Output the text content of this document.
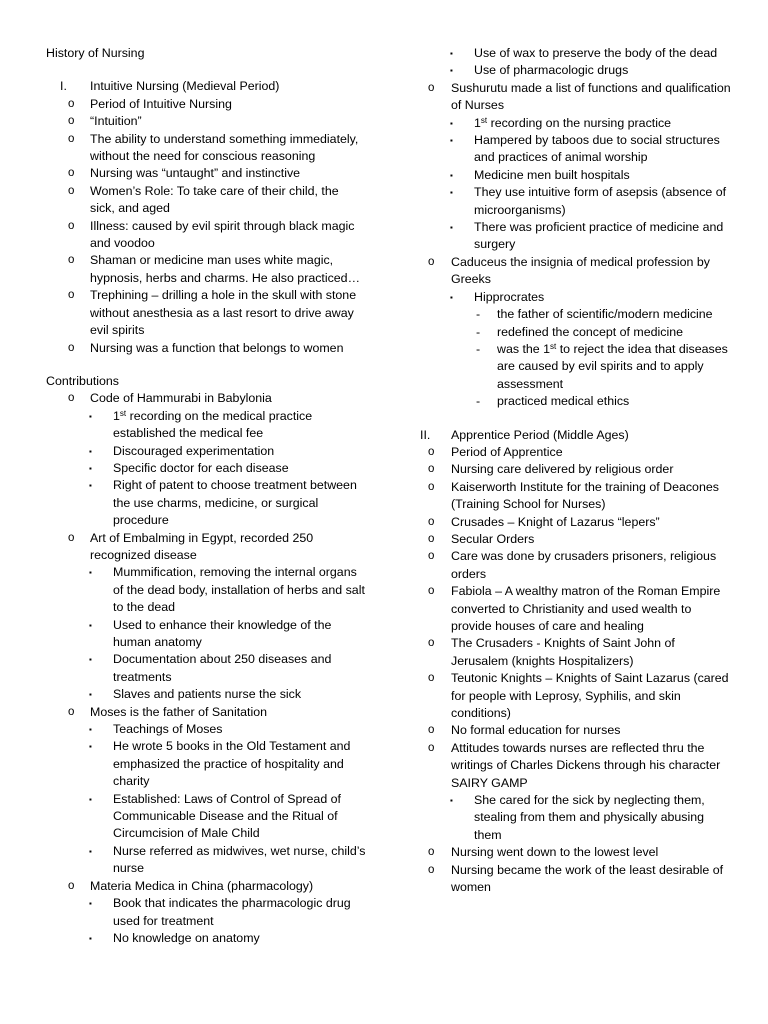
History of Nursing
I. Intuitive Nursing (Medieval Period)
o Period of Intuitive Nursing
o “Intuition”
o The ability to understand something immediately, without the need for conscious reasoning
o Nursing was “untaught” and instinctive
o Women’s Role: To take care of their child, the sick, and aged
o Illness: caused by evil spirit through black magic and voodoo
o Shaman or medicine man uses white magic, hypnosis, herbs and charms. He also practiced…
o Trephining – drilling a hole in the skull with stone without anesthesia as a last resort to drive away evil spirits
o Nursing was a function that belongs to women
Contributions
o Code of Hammurabi in Babylonia
▪ 1st recording on the medical practice established the medical fee
▪ Discouraged experimentation
▪ Specific doctor for each disease
▪ Right of patent to choose treatment between the use charms, medicine, or surgical procedure
o Art of Embalming in Egypt, recorded 250 recognized disease
▪ Mummification, removing the internal organs of the dead body, installation of herbs and salt to the dead
▪ Used to enhance their knowledge of the human anatomy
▪ Documentation about 250 diseases and treatments
▪ Slaves and patients nurse the sick
o Moses is the father of Sanitation
▪ Teachings of Moses
▪ He wrote 5 books in the Old Testament and emphasized the practice of hospitality and charity
▪ Established: Laws of Control of Spread of Communicable Disease and the Ritual of Circumcision of Male Child
▪ Nurse referred as midwives, wet nurse, child’s nurse
o Materia Medica in China (pharmacology)
▪ Book that indicates the pharmacologic drug used for treatment
▪ No knowledge on anatomy
▪ Use of wax to preserve the body of the dead
▪ Use of pharmacologic drugs
o Sushurutu made a list of functions and qualification of Nurses
▪ 1st recording on the nursing practice
▪ Hampered by taboos due to social structures and practices of animal worship
▪ Medicine men built hospitals
▪ They use intuitive form of asepsis (absence of microorganisms)
▪ There was proficient practice of medicine and surgery
o Caduceus the insignia of medical profession by Greeks
▪ Hipprocrates
- the father of scientific/modern medicine
- redefined the concept of medicine
- was the 1st to reject the idea that diseases are caused by evil spirits and to apply assessment
- practiced medical ethics
II. Apprentice Period (Middle Ages)
o Period of Apprentice
o Nursing care delivered by religious order
o Kaiserworth Institute for the training of Deacones (Training School for Nurses)
o Crusades – Knight of Lazarus “lepers”
o Secular Orders
o Care was done by crusaders prisoners, religious orders
o Fabiola – A wealthy matron of the Roman Empire converted to Christianity and used wealth to provide houses of care and healing
o The Crusaders - Knights of Saint John of Jerusalem (knights Hospitalizers)
o Teutonic Knights – Knights of Saint Lazarus (cared for people with Leprosy, Syphilis, and skin conditions)
o No formal education for nurses
o Attitudes towards nurses are reflected thru the writings of Charles Dickens through his character SAIRY GAMP
▪ She cared for the sick by neglecting them, stealing from them and physically abusing them
o Nursing went down to the lowest level
o Nursing became the work of the least desirable of women
